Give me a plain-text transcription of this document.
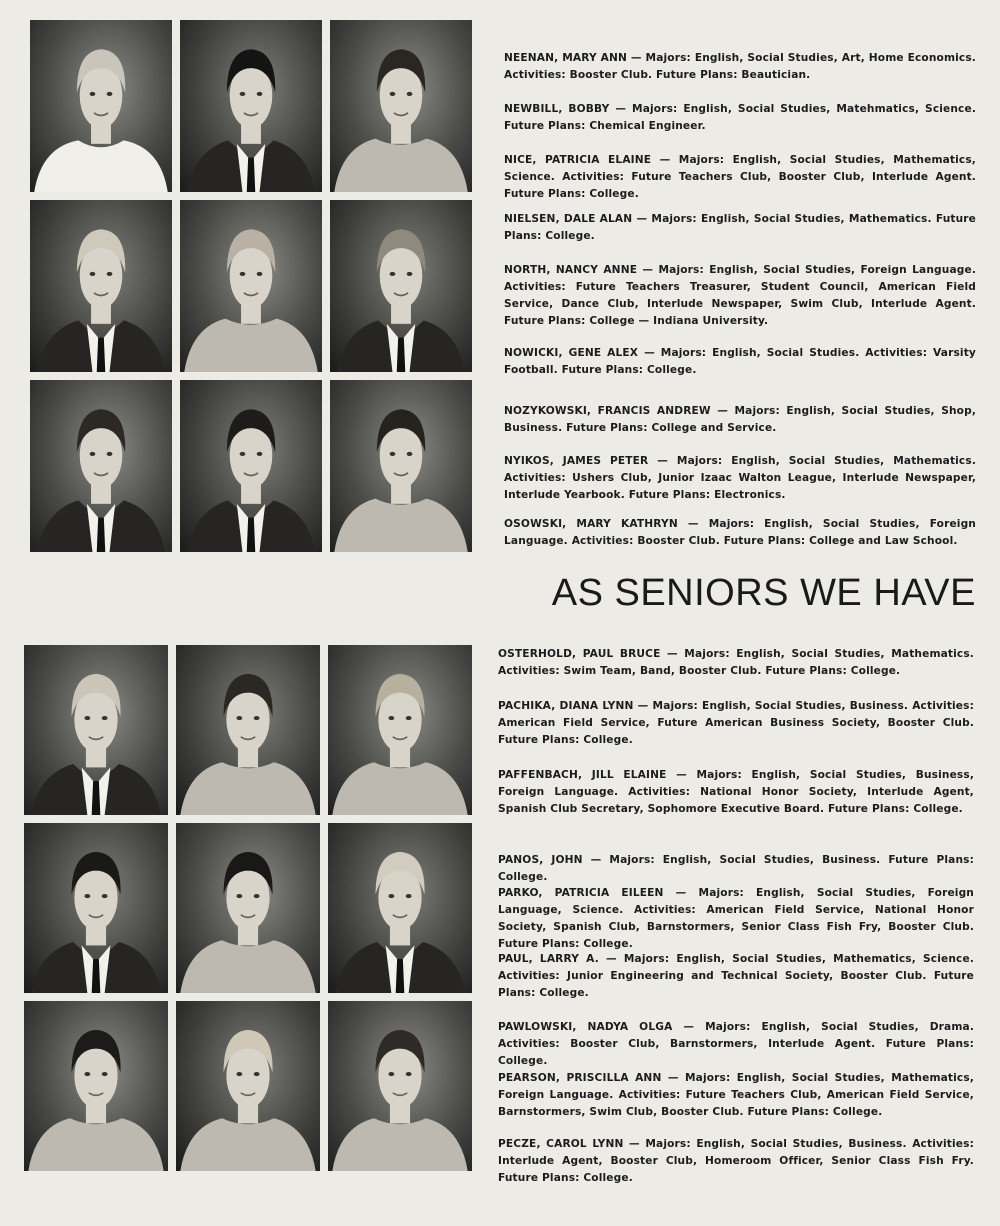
NEENAN, MARY ANN — Majors: English, Social Studies, Art, Home Economics. Activities: Booster Club. Future Plans: Beautician.

NEWBILL, BOBBY — Majors: English, Social Studies, Matehmatics, Science. Future Plans: Chemical Engineer.

NICE, PATRICIA ELAINE — Majors: English, Social Studies, Mathematics, Science. Activities: Future Teachers Club, Booster Club, Interlude Agent. Future Plans: College.

NIELSEN, DALE ALAN — Majors: English, Social Studies, Mathematics. Future Plans: College.

NORTH, NANCY ANNE — Majors: English, Social Studies, Foreign Language. Activities: Future Teachers Treasurer, Student Council, American Field Service, Dance Club, Interlude Newspaper, Swim Club, Interlude Agent. Future Plans: College — Indiana University.

NOWICKI, GENE ALEX — Majors: English, Social Studies. Activities: Varsity Football. Future Plans: College.

NOZYKOWSKI, FRANCIS ANDREW — Majors: English, Social Studies, Shop, Business. Future Plans: College and Service.

NYIKOS, JAMES PETER — Majors: English, Social Studies, Mathematics. Activities: Ushers Club, Junior Izaac Walton League, Interlude Newspaper, Interlude Yearbook. Future Plans: Electronics.

OSOWSKI, MARY KATHRYN — Majors: English, Social Studies, Foreign Language. Activities: Booster Club. Future Plans: College and Law School.

AS SENIORS WE HAVE

OSTERHOLD, PAUL BRUCE — Majors: English, Social Studies, Mathematics. Activities: Swim Team, Band, Booster Club. Future Plans: College.

PACHIKA, DIANA LYNN — Majors: English, Social Studies, Business. Activities: American Field Service, Future American Business Society, Booster Club. Future Plans: College.

PAFFENBACH, JILL ELAINE — Majors: English, Social Studies, Business, Foreign Language. Activities: National Honor Society, Interlude Agent, Spanish Club Secretary, Sophomore Executive Board. Future Plans: College.

PANOS, JOHN — Majors: English, Social Studies, Business. Future Plans: College.

PARKO, PATRICIA EILEEN — Majors: English, Social Studies, Foreign Language, Science. Activities: American Field Service, National Honor Society, Spanish Club, Barnstormers, Senior Class Fish Fry, Booster Club. Future Plans: College.

PAUL, LARRY A. — Majors: English, Social Studies, Mathematics, Science. Activities: Junior Engineering and Technical Society, Booster Club. Future Plans: College.

PAWLOWSKI, NADYA OLGA — Majors: English, Social Studies, Drama. Activities: Booster Club, Barnstormers, Interlude Agent. Future Plans: College.

PEARSON, PRISCILLA ANN — Majors: English, Social Studies, Mathematics, Foreign Language. Activities: Future Teachers Club, American Field Service, Barnstormers, Swim Club, Booster Club. Future Plans: College.

PECZE, CAROL LYNN — Majors: English, Social Studies, Business. Activities: Interlude Agent, Booster Club, Homeroom Officer, Senior Class Fish Fry. Future Plans: College.
